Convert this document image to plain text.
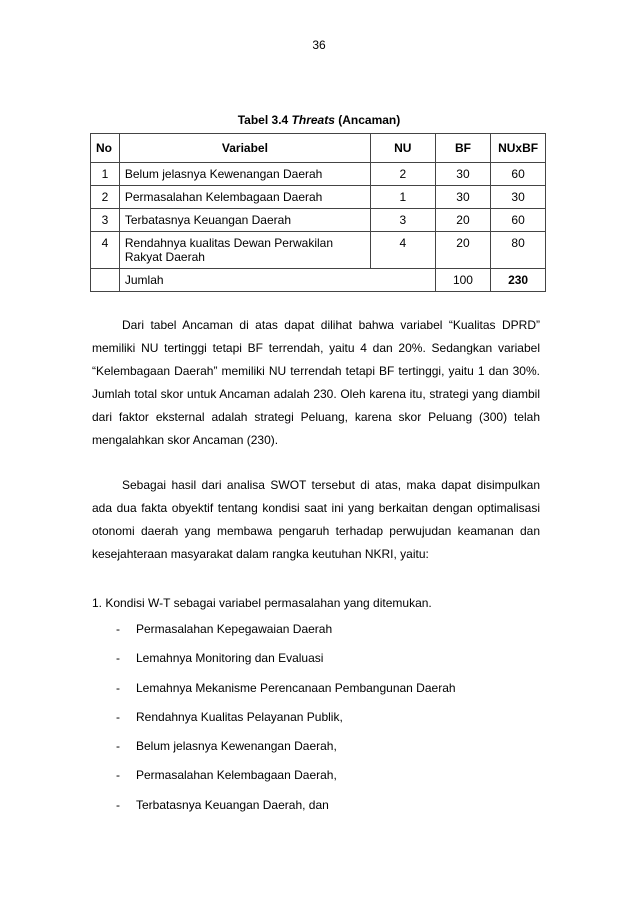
36
Tabel 3.4 Threats (Ancaman)
No	Variabel	NU	BF	NUxBF
1	Belum jelasnya Kewenangan Daerah	2	30	60
2	Permasalahan Kelembagaan Daerah	1	30	30
3	Terbatasnya Keuangan Daerah	3	20	60
4	Rendahnya kualitas Dewan Perwakilan
Rakyat Daerah	4	20	80
	Jumlah		100	230
Dari tabel Ancaman di atas dapat dilihat bahwa variabel “Kualitas DPRD” memiliki NU tertinggi tetapi BF terrendah, yaitu 4 dan 20%. Sedangkan variabel “Kelembagaan Daerah” memiliki NU terrendah tetapi BF tertinggi, yaitu 1 dan 30%. Jumlah total skor untuk Ancaman adalah 230. Oleh karena itu, strategi yang diambil dari faktor eksternal adalah strategi Peluang, karena skor Peluang (300) telah mengalahkan skor Ancaman (230).
Sebagai hasil dari analisa SWOT tersebut di atas, maka dapat disimpulkan ada dua fakta obyektif tentang kondisi saat ini yang berkaitan dengan optimalisasi otonomi daerah yang membawa pengaruh terhadap perwujudan keamanan dan kesejahteraan masyarakat dalam rangka keutuhan NKRI, yaitu:
1. Kondisi W-T sebagai variabel permasalahan yang ditemukan.
-	Permasalahan Kepegawaian Daerah
-	Lemahnya Monitoring dan Evaluasi
-	Lemahnya Mekanisme Perencanaan Pembangunan Daerah
-	Rendahnya Kualitas Pelayanan Publik,
-	Belum jelasnya Kewenangan Daerah,
-	Permasalahan Kelembagaan Daerah,
-	Terbatasnya Keuangan Daerah, dan
